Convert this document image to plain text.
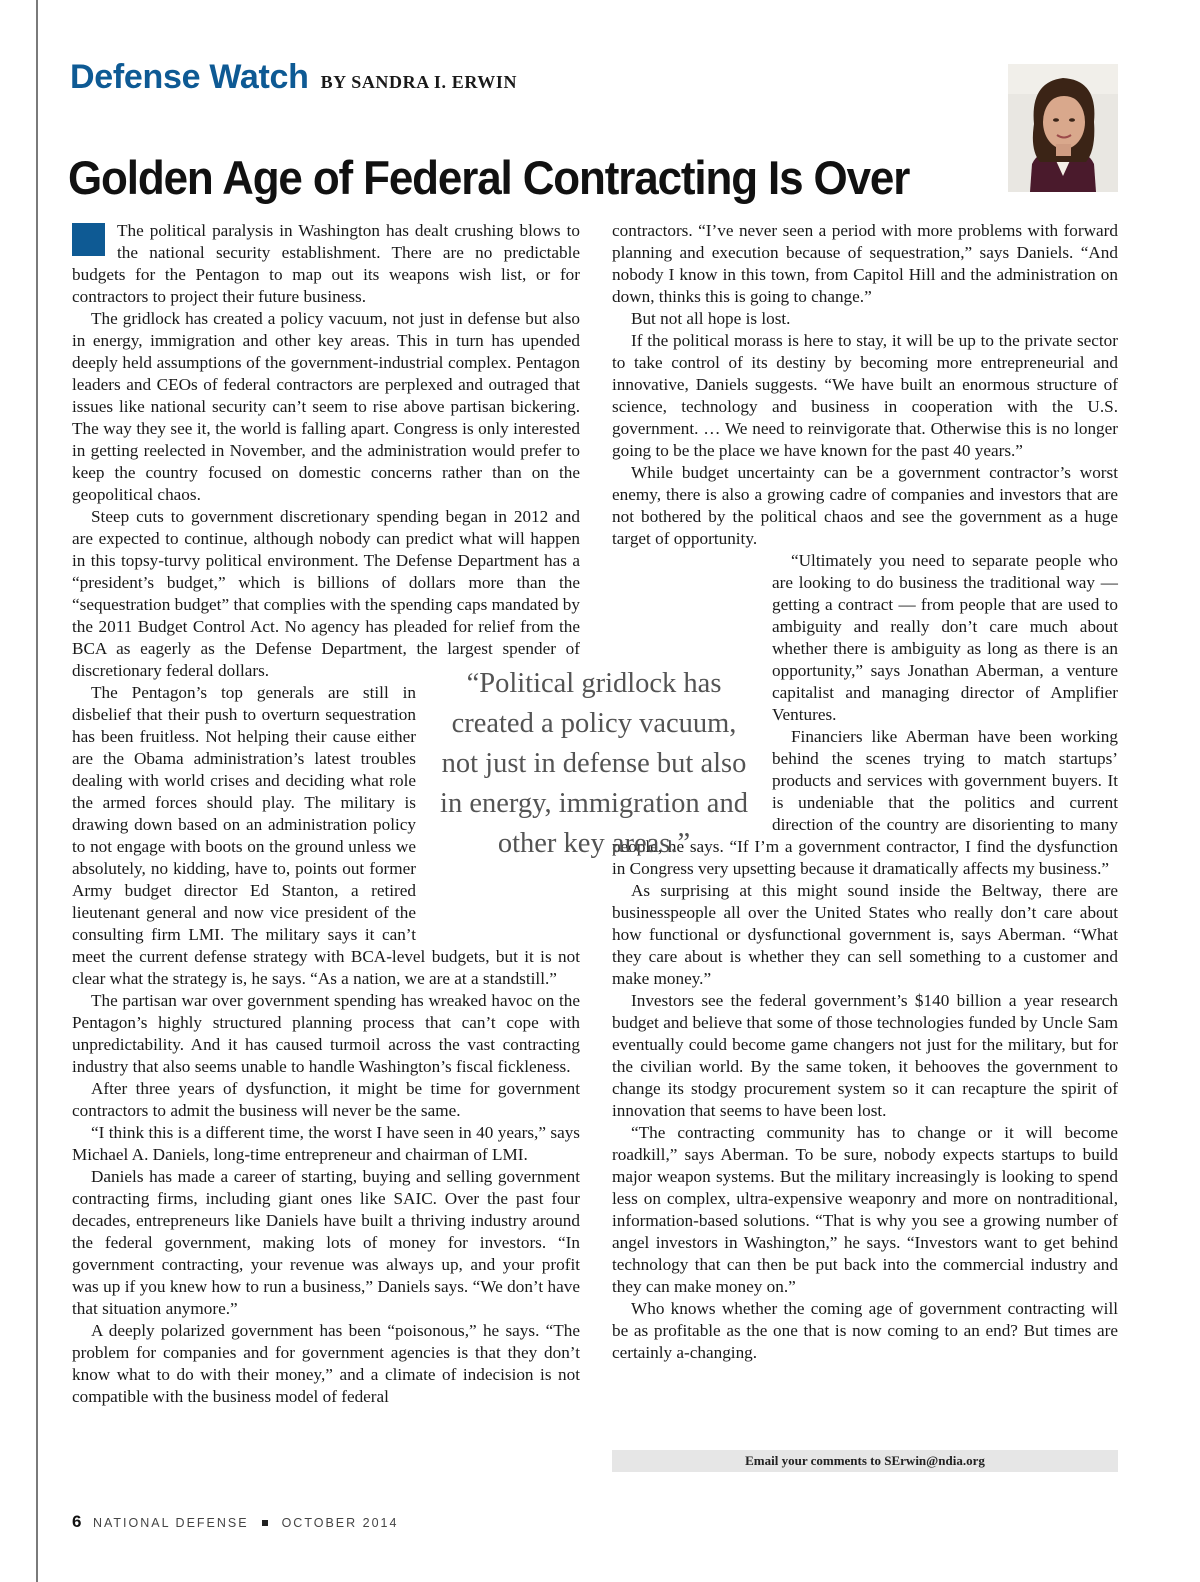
Defense Watch BY SANDRA I. ERWIN
Golden Age of Federal Contracting Is Over

The political paralysis in Washington has dealt crushing blows to the national security establishment. There are no predictable budgets for the Pentagon to map out its weapons wish list, or for contractors to project their future business.

The gridlock has created a policy vacuum, not just in defense but also in energy, immigration and other key areas. This in turn has upended deeply held assumptions of the government-industrial complex. Pentagon leaders and CEOs of federal contractors are perplexed and outraged that issues like national security can’t seem to rise above partisan bickering. The way they see it, the world is falling apart. Congress is only interested in getting reelected in November, and the administration would prefer to keep the country focused on domestic concerns rather than on the geopolitical chaos.

Steep cuts to government discretionary spending began in 2012 and are expected to continue, although nobody can predict what will happen in this topsy-turvy political environment. The Defense Department has a “president’s budget,” which is billions of dollars more than the “sequestration budget” that complies with the spending caps mandated by the 2011 Budget Control Act. No agency has pleaded for relief from the BCA as eagerly as the Defense Department, the largest spender of discretionary federal dollars.

The Pentagon’s top generals are still in disbelief that their push to overturn sequestration has been fruitless. Not helping their cause either are the Obama administration’s latest troubles dealing with world crises and deciding what role the armed forces should play. The military is drawing down based on an administration policy to not engage with boots on the ground unless we absolutely, no kidding, have to, points out former Army budget director Ed Stanton, a retired lieutenant general and now vice president of the consulting firm LMI. The military says it can’t meet the current defense strategy with BCA-level budgets, but it is not clear what the strategy is, he says. “As a nation, we are at a standstill.”

The partisan war over government spending has wreaked havoc on the Pentagon’s highly structured planning process that can’t cope with unpredictability. And it has caused turmoil across the vast contracting industry that also seems unable to handle Washington’s fiscal fickleness.

After three years of dysfunction, it might be time for government contractors to admit the business will never be the same.

“I think this is a different time, the worst I have seen in 40 years,” says Michael A. Daniels, long-time entrepreneur and chairman of LMI.

Daniels has made a career of starting, buying and selling government contracting firms, including giant ones like SAIC. Over the past four decades, entrepreneurs like Daniels have built a thriving industry around the federal government, making lots of money for investors. “In government contracting, your revenue was always up, and your profit was up if you knew how to run a business,” Daniels says. “We don’t have that situation anymore.”

A deeply polarized government has been “poisonous,” he says. “The problem for companies and for government agencies is that they don’t know what to do with their money,” and a climate of indecision is not compatible with the business model of federal

contractors. “I’ve never seen a period with more problems with forward planning and execution because of sequestration,” says Daniels. “And nobody I know in this town, from Capitol Hill and the administration on down, thinks this is going to change.”

But not all hope is lost.

If the political morass is here to stay, it will be up to the private sector to take control of its destiny by becoming more entrepreneurial and innovative, Daniels suggests. “We have built an enormous structure of science, technology and business in cooperation with the U.S. government. … We need to reinvigorate that. Otherwise this is no longer going to be the place we have known for the past 40 years.”

While budget uncertainty can be a government contractor’s worst enemy, there is also a growing cadre of companies and investors that are not bothered by the political chaos and see the government as a huge target of opportunity.

“Ultimately you need to separate people who are looking to do business the traditional way — getting a contract — from people that are used to ambiguity and really don’t care much about whether there is ambiguity as long as there is an opportunity,” says Jonathan Aberman, a venture capitalist and managing director of Amplifier Ventures.

Financiers like Aberman have been working behind the scenes trying to match startups’ products and services with government buyers. It is undeniable that the politics and current direction of the country are disorienting to many people, he says. “If I’m a government contractor, I find the dysfunction in Congress very upsetting because it dramatically affects my business.”

As surprising at this might sound inside the Beltway, there are businesspeople all over the United States who really don’t care about how functional or dysfunctional government is, says Aberman. “What they care about is whether they can sell something to a customer and make money.”

Investors see the federal government’s $140 billion a year research budget and believe that some of those technologies funded by Uncle Sam eventually could become game changers not just for the military, but for the civilian world. By the same token, it behooves the government to change its stodgy procurement system so it can recapture the spirit of innovation that seems to have been lost.

“The contracting community has to change or it will become roadkill,” says Aberman. To be sure, nobody expects startups to build major weapon systems. But the military increasingly is looking to spend less on complex, ultra-expensive weaponry and more on nontraditional, information-based solutions. “That is why you see a growing number of angel investors in Washington,” he says. “Investors want to get behind technology that can then be put back into the commercial industry and they can make money on.”

Who knows whether the coming age of government contracting will be as profitable as the one that is now coming to an end? But times are certainly a-changing.

“Political gridlock has created a policy vacuum, not just in defense but also in energy, immigration and other key areas.”

Email your comments to SErwin@ndia.org
6 NATIONAL DEFENSE	OCTOBER 2014
